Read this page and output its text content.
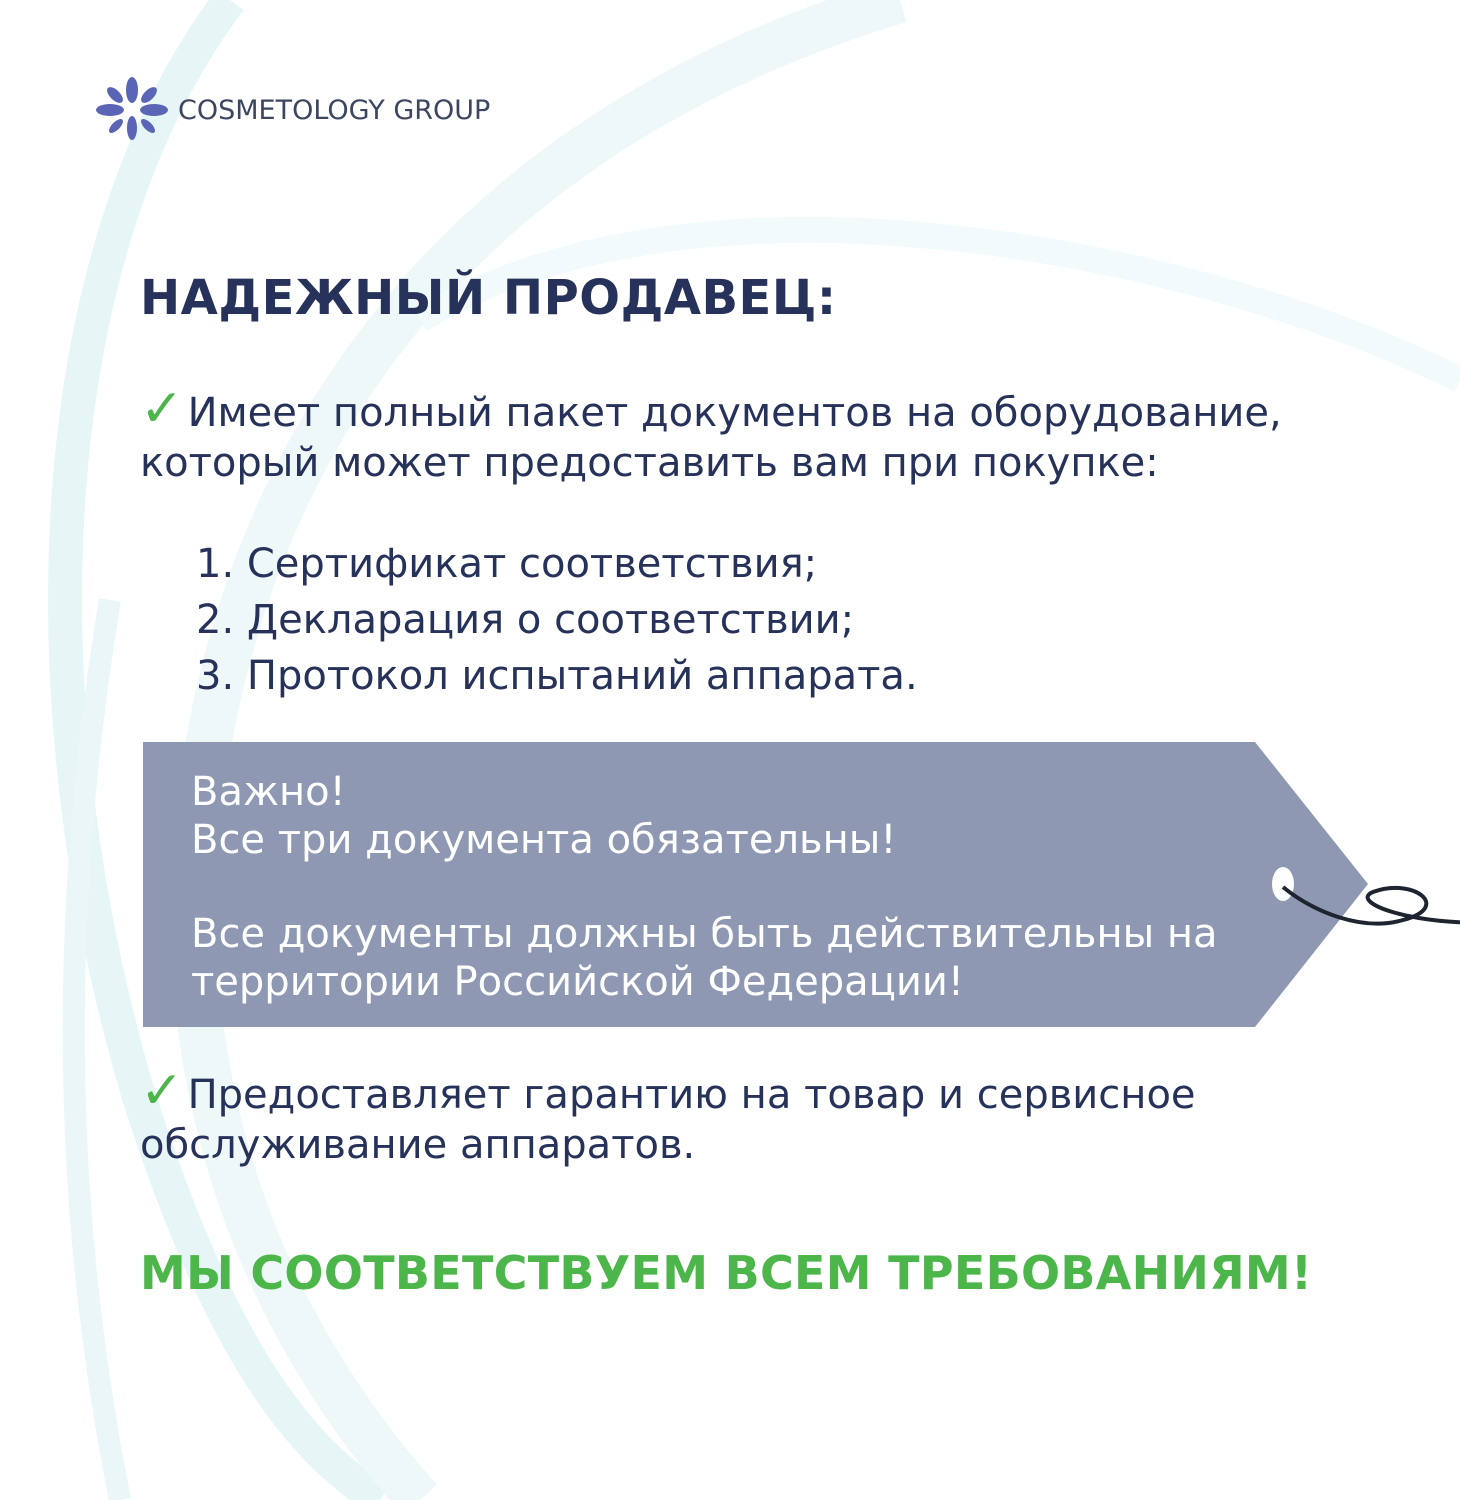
COSMETOLOGY GROUP
НАДЕЖНЫЙ ПРОДАВЕЦ:

✓ Имеет полный пакет документов на оборудование, который может предоставить вам при покупке:

1. Сертификат соответствия;
2. Декларация о соответствии;
3. Протокол испытаний аппарата.

Важно!

Все три документа обязательны!

Все документы должны быть действительны на территории Российской Федерации!

✓ Предоставляет гарантию на товар и сервисное обслуживание аппаратов.

МЫ СООТВЕТСТВУЕМ ВСЕМ ТРЕБОВАНИЯМ!
